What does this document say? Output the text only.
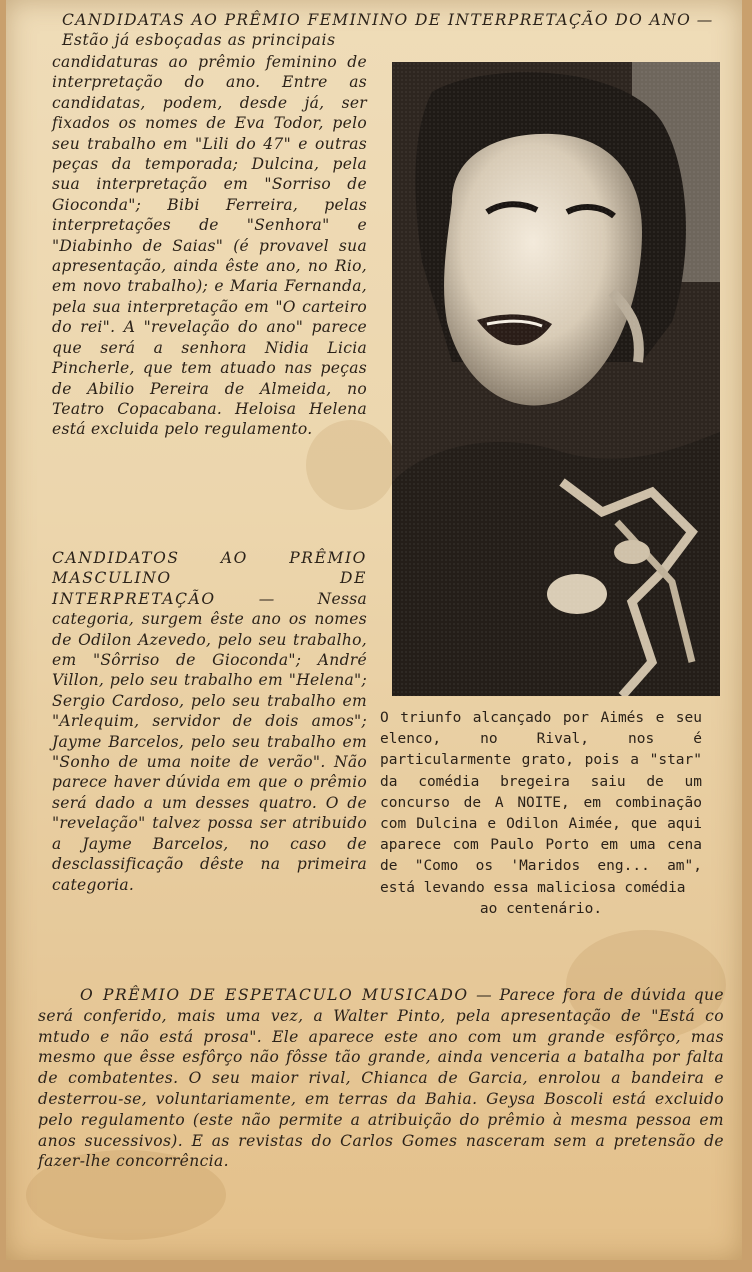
CANDIDATAS AO PRÊMIO FEMININO DE INTERPRETAÇÃO DO ANO — Estão já esboçadas as principais
candidaturas ao prêmio feminino de interpretação do ano. Entre as candidatas, podem, desde já, ser fixados os nomes de Eva Todor, pelo seu trabalho em "Lili do 47" e outras peças da temporada; Dulcina, pela sua interpretação em "Sorriso de Gioconda"; Bibi Ferreira, pelas interpretações de "Senhora" e "Diabinho de Saias" (é provavel sua apresentação, ainda êste ano, no Rio, em novo trabalho); e Maria Fernanda, pela sua interpretação em "O carteiro do rei". A "revelação do ano" parece que será a senhora Nidia Licia Pincherle, que tem atuado nas peças de Abilio Pereira de Almeida, no Teatro Copacabana. Heloisa Helena está excluida pelo regulamento.
CANDIDATOS AO PRÊMIO MASCULINO DE INTERPRETAÇÃO — Nessa categoria, surgem êste ano os nomes de Odilon Azevedo, pelo seu trabalho, em "Sôrriso de Gioconda"; André Villon, pelo seu trabalho em "Helena"; Sergio Cardoso, pelo seu trabalho em "Arlequim, servidor de dois amos"; Jayme Barcelos, pelo seu trabalho em "Sonho de uma noite de verão". Não parece haver dúvida em que o prêmio será dado a um desses quatro. O de "revelação" talvez possa ser atribuido a Jayme Barcelos, no caso de desclassificação dêste na primeira categoria.
O triunfo alcançado por Aimés e seu elenco, no Rival, nos é particularmente grato, pois a "star" da comédia bregeira saiu de um concurso de A NOITE, em combinação com Dulcina e Odilon Aimée, que aqui aparece com Paulo Porto em uma cena de "Como os 'Maridos eng... am", está levando essa maliciosa comédia
ao centenário.
O PRÊMIO DE ESPETACULO MUSICADO — Parece fora de dúvida que será conferido, mais uma vez, a Walter Pinto, pela apresentação de "Está co mtudo e não está prosa". Ele aparece este ano com um grande esfôrço, mas mesmo que êsse esfôrço não fôsse tão grande, ainda venceria a batalha por falta de combatentes. O seu maior rival, Chianca de Garcia, enrolou a bandeira e desterrou-se, voluntariamente, em terras da Bahia. Geysa Boscoli está excluido pelo regulamento (este não permite a atribuição do prêmio à mesma pessoa em anos sucessivos). E as revistas do Carlos Gomes nasceram sem a pretensão de fazer-lhe concorrência.
